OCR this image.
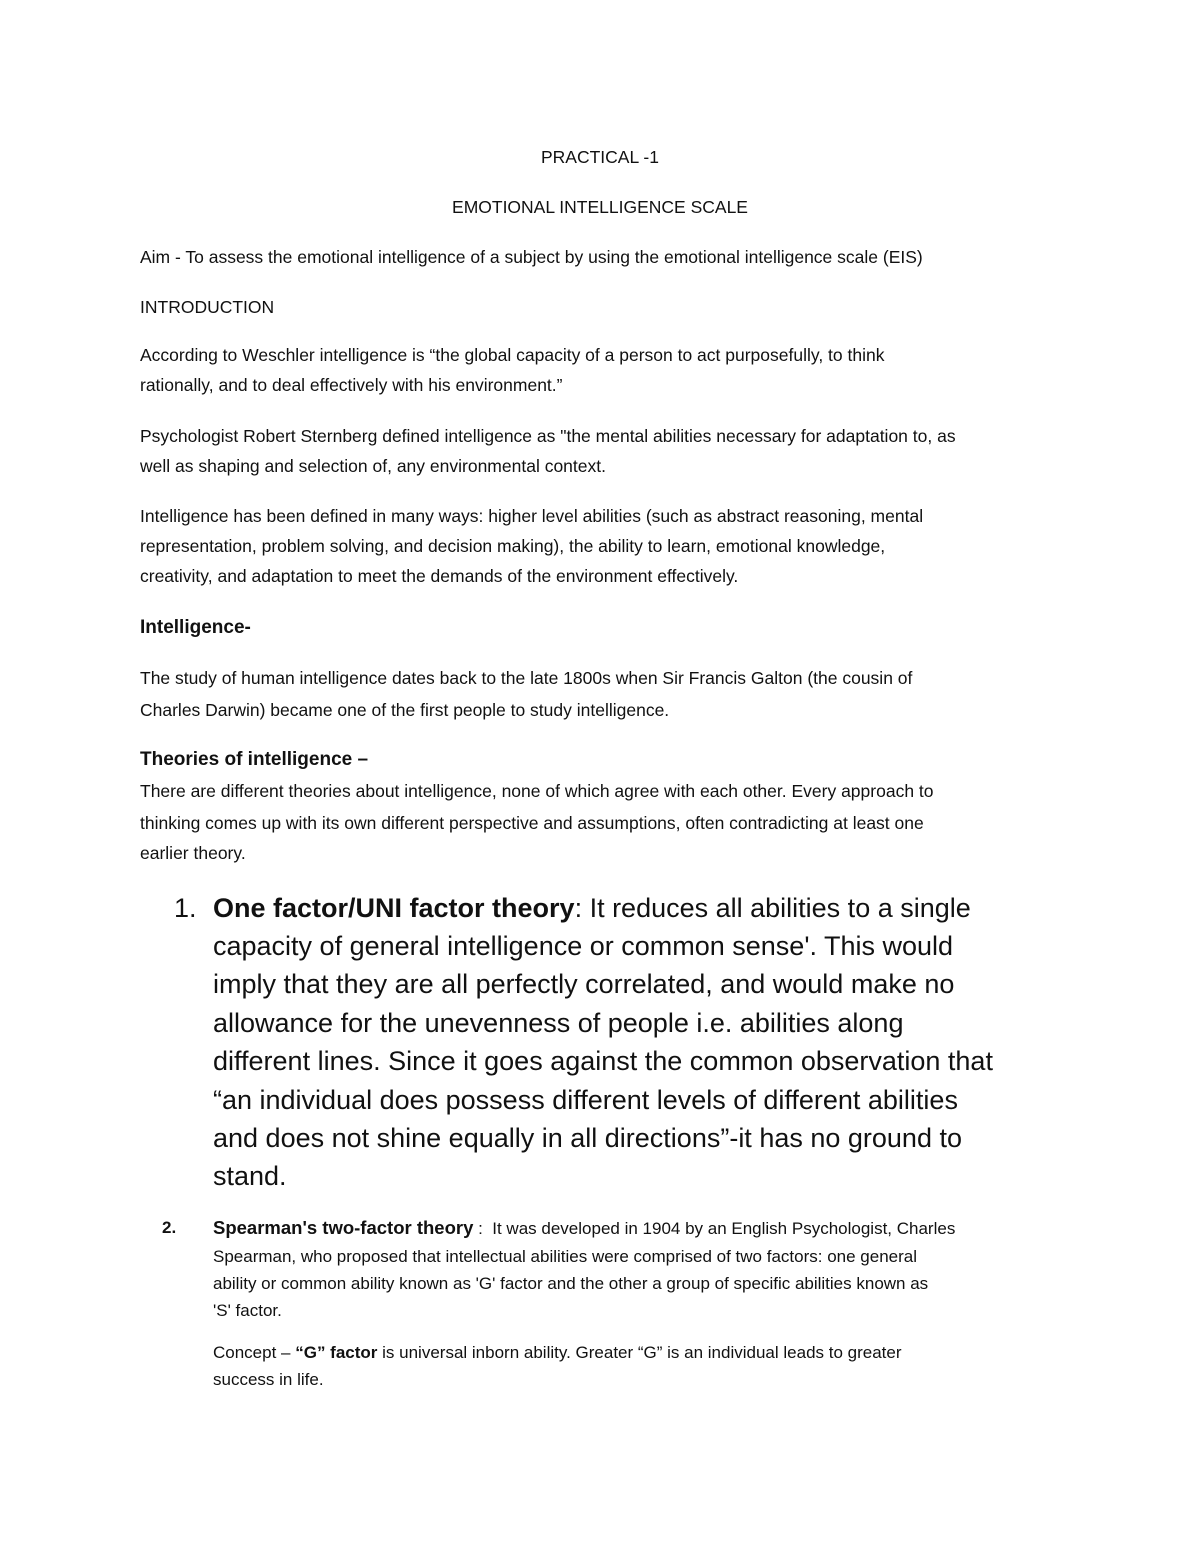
PRACTICAL -1

EMOTIONAL INTELLIGENCE SCALE

Aim - To assess the emotional intelligence of a subject by using the emotional intelligence scale (EIS)

INTRODUCTION

According to Weschler intelligence is “the global capacity of a person to act purposefully, to think

rationally, and to deal effectively with his environment.”

Psychologist Robert Sternberg defined intelligence as "the mental abilities necessary for adaptation to, as

well as shaping and selection of, any environmental context.

Intelligence has been defined in many ways: higher level abilities (such as abstract reasoning, mental

representation, problem solving, and decision making), the ability to learn, emotional knowledge,

creativity, and adaptation to meet the demands of the environment effectively.

Intelligence-

The study of human intelligence dates back to the late 1800s when Sir Francis Galton (the cousin of

Charles Darwin) became one of the first people to study intelligence.

Theories of intelligence –

There are different theories about intelligence, none of which agree with each other. Every approach to

thinking comes up with its own different perspective and assumptions, often contradicting at least one

earlier theory.

1. One factor/UNI factor theory: It reduces all abilities to a single
capacity of general intelligence or common sense'. This would
imply that they are all perfectly correlated, and would make no
allowance for the unevenness of people i.e. abilities along
different lines. Since it goes against the common observation that
“an individual does possess different levels of different abilities
and does not shine equally in all directions”-it has no ground to
stand.
2. Spearman's two-factor theory :  It was developed in 1904 by an English Psychologist, Charles
Spearman, who proposed that intellectual abilities were comprised of two factors: one general
ability or common ability known as 'G' factor and the other a group of specific abilities known as
'S' factor.
Concept – “G” factor is universal inborn ability. Greater “G” is an individual leads to greater
success in life.
